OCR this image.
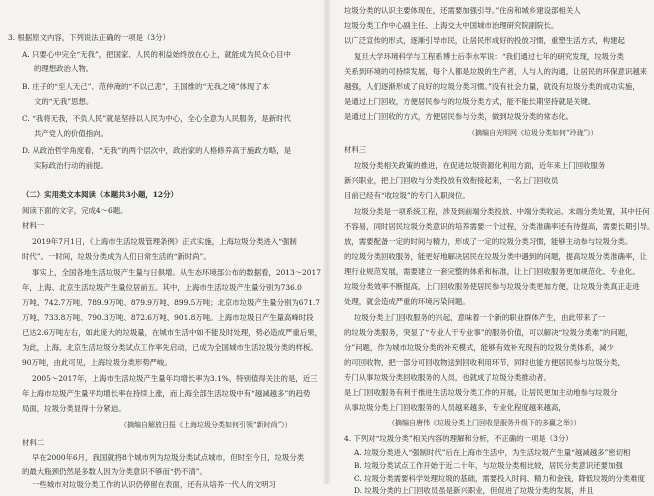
3. 根据原文内容，下列说法正确的一项是（3分）
A. 只要心中完全“无我”，把国家、人民的利益始终放在心上，就能成为民众心目中
的理想政治人物。
B. 庄子的“至人无己”、范仲淹的“不以己悲”，王国维的“无我之境”体现了本
文的“无我”思想。
C. “我将无我，不负人民”就是坚持以人民为中心，全心全意为人民服务，是新时代
共产党人的价值指向。
D. 从政治哲学角度看，“无我”的两个层次中，政治家的人格修养高于施政方略，是
实际政治行动的前提。
（二）实用类文本阅读（本题共3小题，12分）
阅读下面的文字，完成4～6题。
材料一
2019年7月1日，《上海市生活垃圾管理条例》正式实施，上海垃圾分类进入“强制
时代”。一时间，垃圾分类成为人们日常生活的“新时尚”。
事实上，全国各地生活垃圾产生量与日俱增。从生态环境部公布的数据看，2013～2017
年，上海、北京生活垃圾产生量位居前五。其中，上海市生活垃圾产生量分别为736.0
万吨、742.7万吨、789.9万吨、879.9万吨、899.5万吨；北京市垃圾产生量分别为671.7
万吨、733.8万吨、790.3万吨、872.6万吨、901.8万吨。上海市垃圾日产生量高峰时段
已达2.6万吨左右，如此庞大的垃圾量，在城市生活中如不能及时处理，势必造成严重后果，
为此，上海、北京生活垃圾分类试点工作率先启动，已成为全国城市生活垃圾分类的样板。
90万吨，由此可见，上海垃圾分类形势严峻。
2005～2017年，上海市生活垃圾产生量年均增长率为3.1%，特别值得关注的是，近三
年上海市垃圾产生量平均增长率在持续上涨，而上海全部生活垃圾中有“越减越多”的趋势
局面，垃圾分类显得十分紧迫。
（摘编自解放日报《上海垃圾分类如何引领“新时尚”》）
材料二
早在2000年6月，我国就将8个城市列为垃圾分类试点城市，但时至今日，垃圾分类
的最大瓶颈仍然是多数人因为分类意识不够而“扔不清”。
一些城市对垃圾分类工作的认识仍停留在表面，还有从培养一代人的文明习
垃圾分类的认识主要体现在，还需要加强引导。”住房和城乡建设部相关人
垃圾分类工作中心副主任、上海交大中国城市治理研究院副院长。
以广泛宣传的形式，逐渐引导市民，让居民形成好的投放习惯，重塑生活方式，构建起
复旦大学环境科学与工程系博士后李水军说：“我们通过七年的研究发现，垃圾分类
关系到环境的可持续发展，每个人都是垃圾的生产者，人与人的沟通，让居民的环保意识越来
越强，人们逐渐形成了良好的垃圾分类习惯。”没有社会力量，就没有垃圾分类的成功实施，
是通过上门回收，方便居民参与的垃圾分类方式，能不能长期坚持就是关键。
是通过上门回收的方式，方便居民参与分类，做到垃圾分类的常态化。
（摘编自光明网《垃圾分类如何“玲珑”》）
材料三
垃圾分类相关政策的推进，在促进垃圾资源化利用方面，近年来上门回收服务
新兴职业，把上门回收与分类投放有效衔接起来，一名上门回收员
目前已经有“收垃圾”的专门入职岗位。
垃圾分类是一项系统工程，涉及到前端分类投放、中端分类收运、末端分类处置，其中任何
不容易，同时居民垃圾分类意识的培养需要一个过程，分类准确率还有待提高，需要长期引导。
放，需要配备一定的时间与精力，形成了一定的垃圾分类习惯，能够主动参与垃圾分类。
的垃圾分类回收服务，能更好地解决居民在垃圾分类中遇到的问题，提高垃圾分类准确率，让
理行业规范发展，需要建立一套完整的体系和标准，让上门回收服务更加规范化、专业化。
垃圾分类效率不断提高，上门回收服务使居民参与垃圾分类更加方便，让垃圾分类真正走进
处理，就会造成严重的环境污染问题。
垃圾分类上门回收服务的兴起，意味着一个新的职业群体产生，由此带来了一
的垃圾分类服务，突显了“专业人干专业事”的服务价值，可以解决“垃圾分类难”的问题，
分”问题，作为城市垃圾分类的补充模式，能够有效补充现有的垃圾分类体系，减少
的可回收物，把一部分可回收物送到回收利用环节，同时也能方便居民参与垃圾分类，
专门从事垃圾分类回收服务的人员，也就成了垃圾分类推动者。
是上门回收服务有利于推进生活垃圾分类工作的开展，让居民更加主动地参与垃圾分
从事垃圾分类上门回收服务的人员越来越多，专业化程度越来越高，
（摘编自唐伟《垃圾分类上门回收是服务升级下的多赢之举》）
4. 下列对“垃圾分类”相关内容的理解和分析，不正确的一项是（3分）
A. 垃圾分类进入“强制时代”后在上海市生活中，为生活垃圾产生量“越减越多”密切相
B. 垃圾分类试点工作开始于近二十年，与垃圾分类相比较，居民分类意识还要加强
C. 垃圾分类需要科学处理垃圾的基础，需要投入时间、精力和金钱，降低垃圾的分类难度
D. 垃圾分类的上门回收员虽是新兴职业，但促进了垃圾分类的发展，并且
